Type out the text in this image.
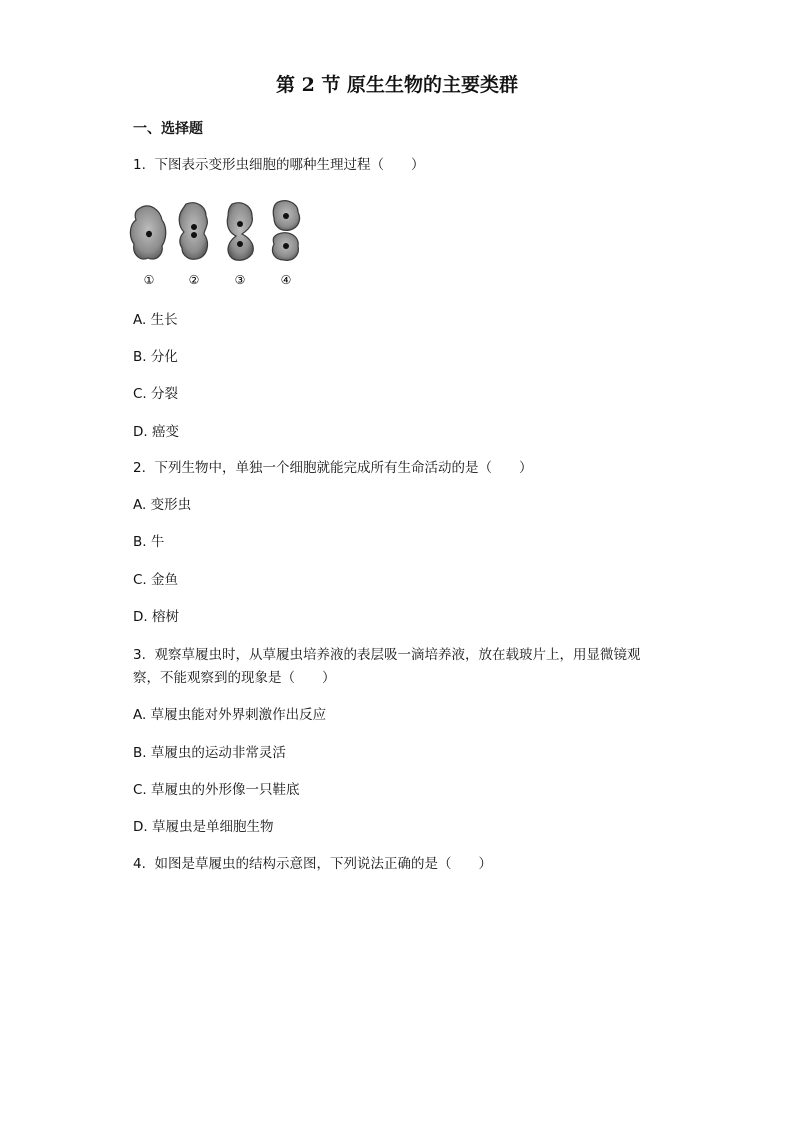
第 2 节 原生生物的主要类群
一、选择题
1. 下图表示变形虫细胞的哪种生理过程（　　）
①	②	③	④
A. 生长
B. 分化
C. 分裂
D. 癌变
2. 下列生物中，单独一个细胞就能完成所有生命活动的是（　　）
A. 变形虫
B. 牛
C. 金鱼
D. 榕树
3. 观察草履虫时，从草履虫培养液的表层吸一滴培养液，放在载玻片上，用显微镜观
察，不能观察到的现象是（　　）
A. 草履虫能对外界刺激作出反应
B. 草履虫的运动非常灵活
C. 草履虫的外形像一只鞋底
D. 草履虫是单细胞生物
4. 如图是草履虫的结构示意图，下列说法正确的是（　　）
